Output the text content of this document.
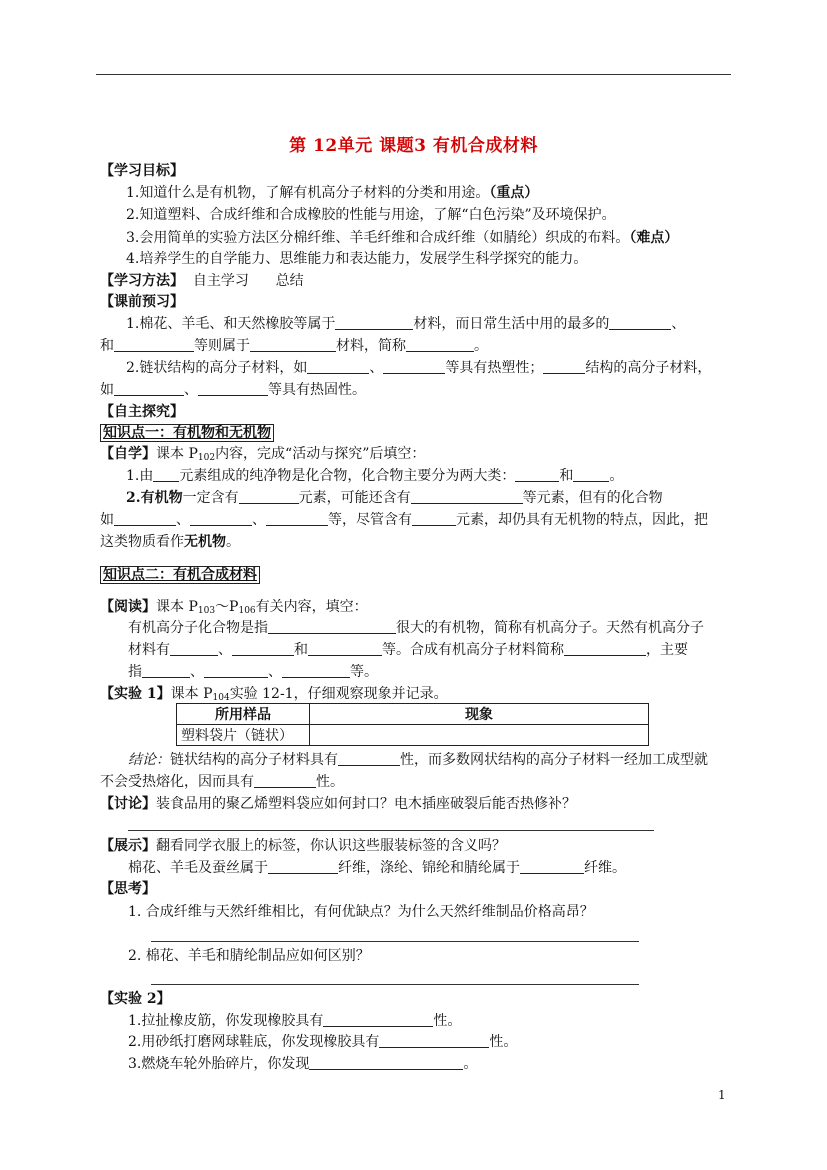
第 12单元 课题3 有机合成材料
【学习目标】
1.知道什么是有机物，了解有机高分子材料的分类和用途。（重点）
2.知道塑料、合成纤维和合成橡胶的性能与用途，了解“白色污染”及环境保护。
3.会用简单的实验方法区分棉纤维、羊毛纤维和合成纤维（如腈纶）织成的布料。（难点）
4.培养学生的自学能力、思维能力和表达能力，发展学生科学探究的能力。
【学习方法】 自主学习 总结
【课前预习】
1.棉花、羊毛、和天然橡胶等属于	材料，而日常生活中用的最多的	、
和	等则属于	材料，简称	。
2.链状结构的高分子材料，如	、	等具有热塑性；	结构的高分子材料，
如	、	等具有热固性。
【自主探究】
知识点一：有机物和无机物
【自学】课本 $P_{102}$内容，完成“活动与探究”后填空：
1.由 元素组成的纯净物是化合物，化合物主要分为两大类：	和	。
2.有机物一定含有	元素，可能还含有	等元素，但有的化合物
如	、	、	等，尽管含有	元素，却仍具有无机物的特点，因此，把
这类物质看作无机物。
知识点二：有机合成材料
【阅读】课本 $P_{103}\sim P_{106}$有关内容，填空：
有机高分子化合物是指	很大的有机物，简称有机高分子。天然有机高分子
材料有	、	和	等。合成有机高分子材料简称	，主要
指	、	、	等。
【实验 1】课本 $P_{104}$实验 12-1，仔细观察现象并记录。
所用样品	现象
塑料袋片（链状）	
结论：链状结构的高分子材料具有	性，而多数网状结构的高分子材料一经加工成型就
不会受热熔化，因而具有	性。
【讨论】装食品用的聚乙烯塑料袋应如何封口？电木插座破裂后能否热修补？
【展示】翻看同学衣服上的标签，你认识这些服装标签的含义吗？
棉花、羊毛及蚕丝属于	纤维，涤纶、锦纶和腈纶属于	纤维。
【思考】
1. 合成纤维与天然纤维相比，有何优缺点？为什么天然纤维制品价格高昂？
2. 棉花、羊毛和腈纶制品应如何区别？
【实验 2】
1.拉扯橡皮筋，你发现橡胶具有	性。
2.用砂纸打磨网球鞋底，你发现橡胶具有	性。
3.燃烧车轮外胎碎片，你发现	。
1
